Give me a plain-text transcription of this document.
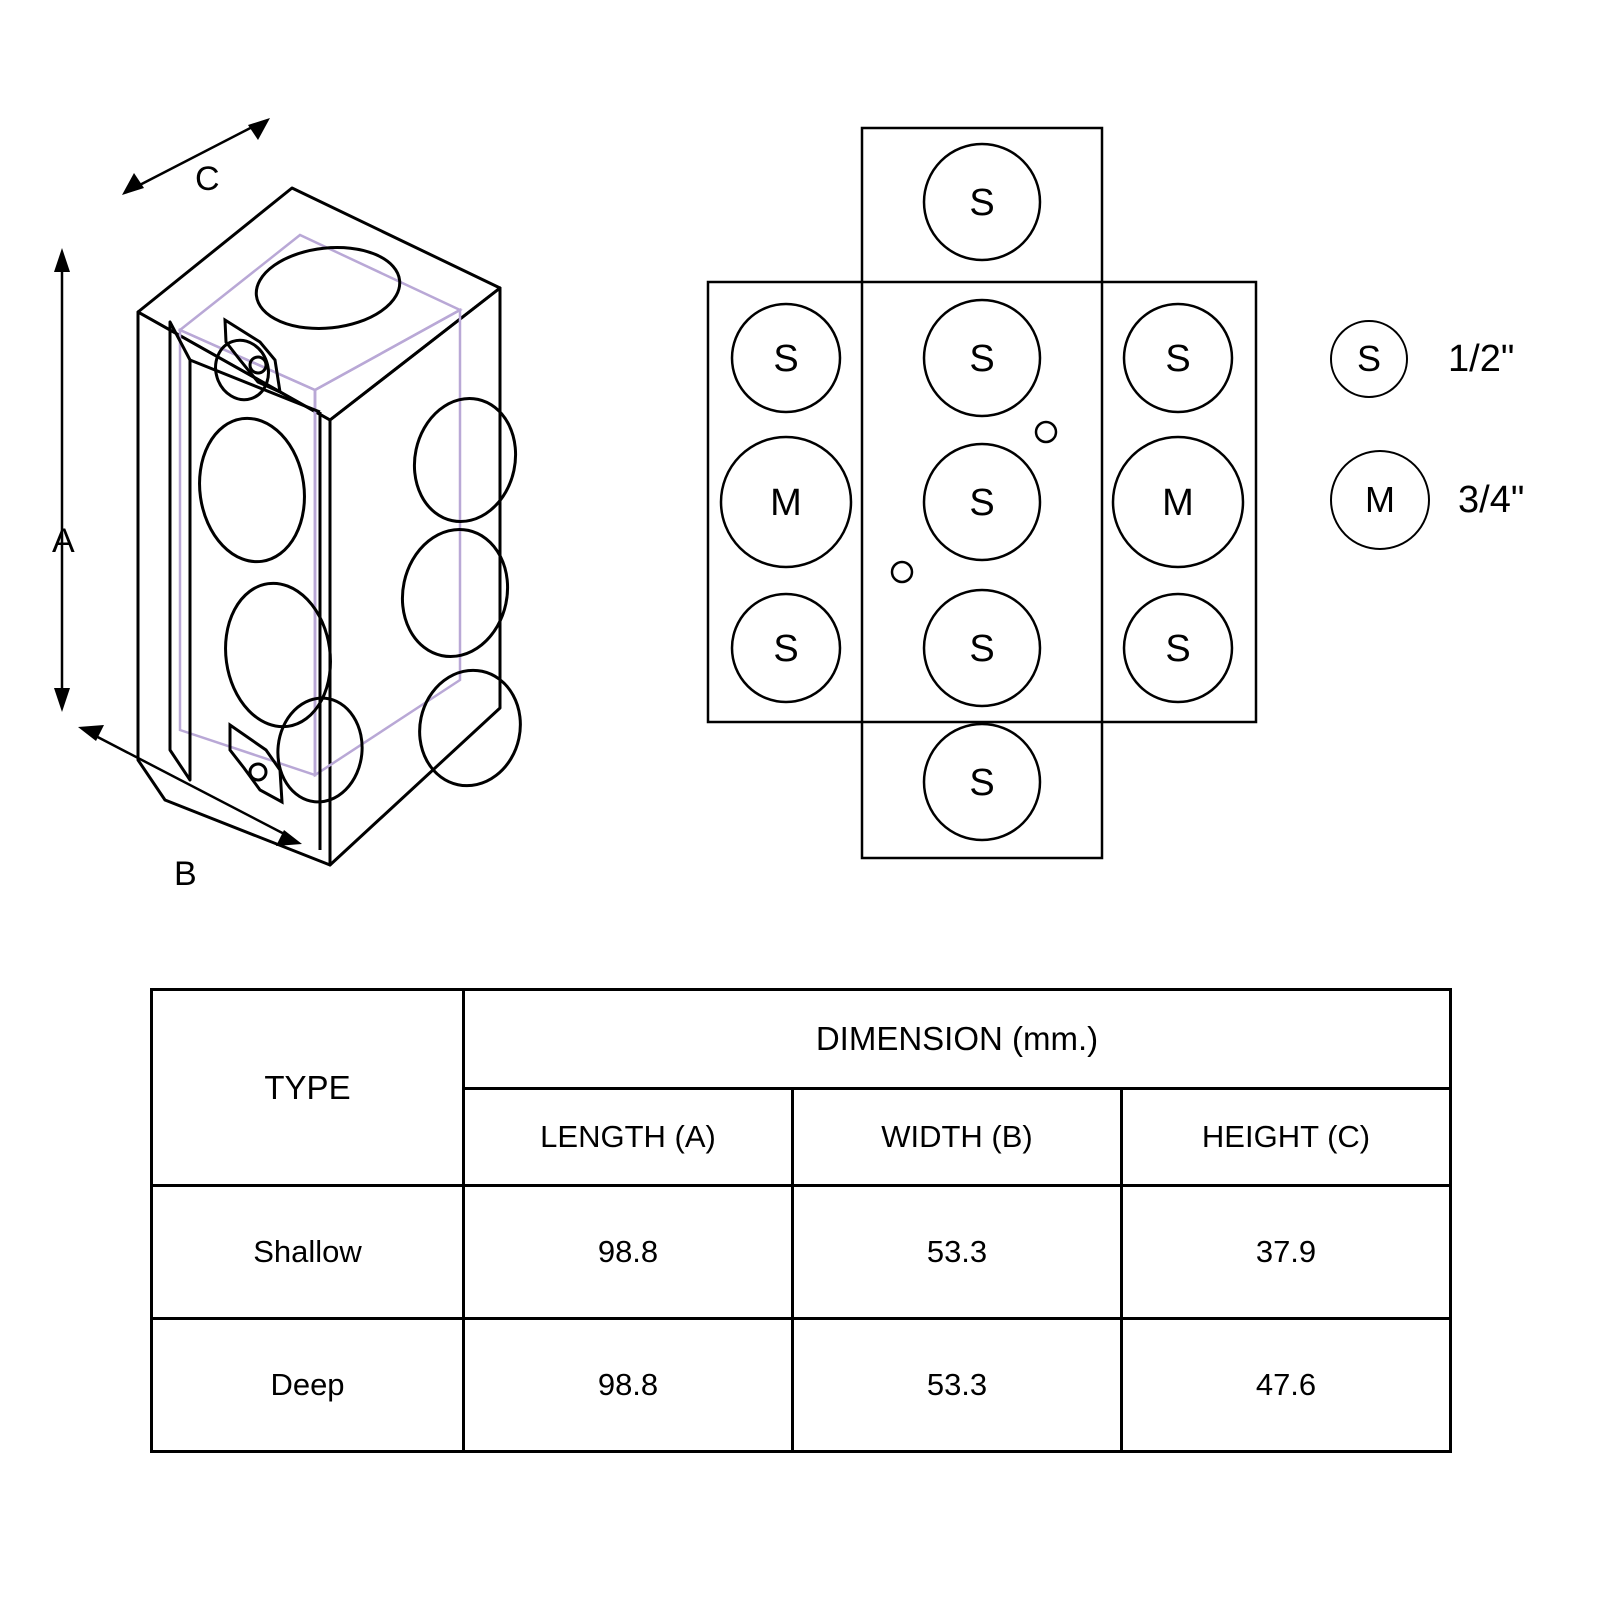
A
B
C
S
S
M
S
S
S
S
S
M
S
S
S	1/2"
M	3/4"
TYPE	DIMENSION (mm.)		
	LENGTH (A)	WIDTH (B)	HEIGHT (C)
Shallow	98.8	53.3	37.9
Deep	98.8	53.3	47.6
